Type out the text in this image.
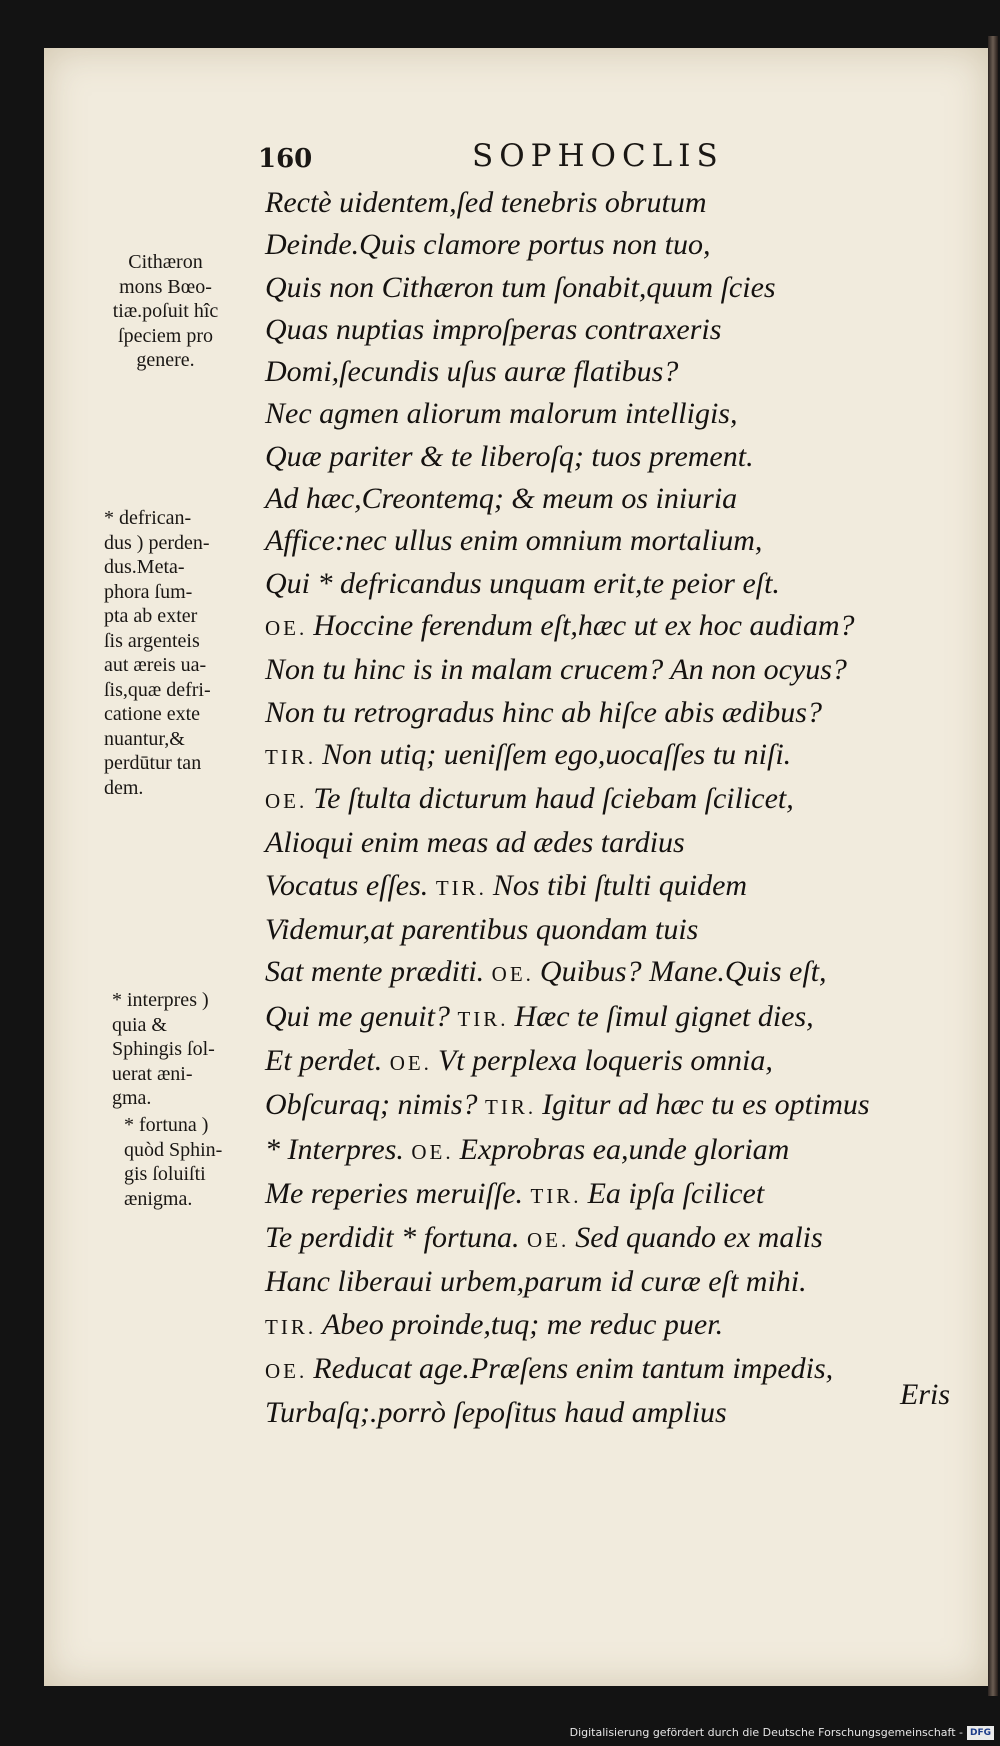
160	SOPHOCLIS
Rectè uidentem,ſed tenebris obrutum
Deinde.Quis clamore portus non tuo,
Quis non Cithæron tum ſonabit,quum ſcies
Quas nuptias improſperas contraxeris
Domi,ſecundis uſus auræ flatibus?
Nec agmen aliorum malorum intelligis,
Quæ pariter & te liberoſq; tuos prement.
Ad hæc,Creontemq; & meum os iniuria
Affice:nec ullus enim omnium mortalium,
Qui * defricandus unquam erit,te peior eſt.
OE. Hoccine ferendum eſt,hæc ut ex hoc audiam?
Non tu hinc is in malam crucem? An non ocyus?
Non tu retrogradus hinc ab hiſce abis ædibus?
TIR. Non utiq; ueniſſem ego,uocaſſes tu niſi.
OE. Te ſtulta dicturum haud ſciebam ſcilicet,
Alioqui enim meas ad ædes tardius
Vocatus eſſes. TIR. Nos tibi ſtulti quidem
Videmur,at parentibus quondam tuis
Sat mente præditi. OE. Quibus? Mane.Quis eſt,
Qui me genuit? TIR. Hæc te ſimul gignet dies,
Et perdet. OE. Vt perplexa loqueris omnia,
Obſcuraq; nimis? TIR. Igitur ad hæc tu es optimus
* Interpres. OE. Exprobras ea,unde gloriam
Me reperies meruiſſe. TIR. Ea ipſa ſcilicet
Te perdidit * fortuna. OE. Sed quando ex malis
Hanc liberaui urbem,parum id curæ eſt mihi.
TIR. Abeo proinde,tuq; me reduc puer.
OE. Reducat age.Præſens enim tantum impedis,
Turbaſq;.porrò ſepoſitus haud amplius
Cithæron
mons Bœo-
tiæ.poſuit hîc
ſpeciem pro
genere.
* defrican-
dus ) perden-
dus.Meta-
phora ſum-
pta ab exter
ſis argenteis
aut æreis ua-
ſis,quæ defri-
catione exte
nuantur,&
perdūtur tan
dem.
* interpres )
quia &
Sphingis ſol-
uerat æni-
gma.
* fortuna )
quòd Sphin-
gis ſoluiſti
ænigma.
Eris
Digitalisierung gefördert durch die Deutsche Forschungsgemeinschaft - DFG
